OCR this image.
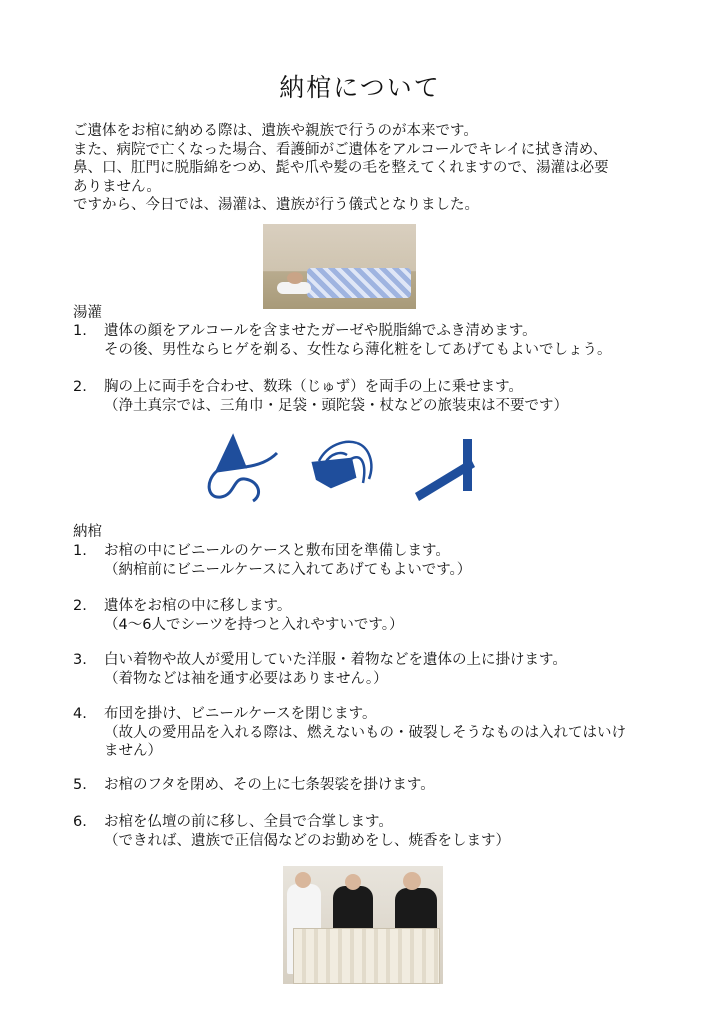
納棺について
ご遺体をお棺に納める際は、遺族や親族で行うのが本来です。
また、病院で亡くなった場合、看護師がご遺体をアルコールでキレイに拭き清め、
鼻、口、肛門に脱脂綿をつめ、髭や爪や髪の毛を整えてくれますので、湯灌は必要
ありません。
ですから、今日では、湯灌は、遺族が行う儀式となりました。
湯灌
1.	遺体の顔をアルコールを含ませたガーゼや脱脂綿でふき清めます。
その後、男性ならヒゲを剃る、女性なら薄化粧をしてあげてもよいでしょう。
2.	胸の上に両手を合わせ、数珠（じゅず）を両手の上に乗せます。
（浄土真宗では、三角巾・足袋・頭陀袋・杖などの旅装束は不要です）
納棺
1.	お棺の中にビニールのケースと敷布団を準備します。
（納棺前にビニールケースに入れてあげてもよいです。）
2.	遺体をお棺の中に移します。
（4～6人でシーツを持つと入れやすいです。）
3.	白い着物や故人が愛用していた洋服・着物などを遺体の上に掛けます。
（着物などは袖を通す必要はありません。）
4.	布団を掛け、ビニールケースを閉じます。
（故人の愛用品を入れる際は、燃えないもの・破裂しそうなものは入れてはいけ
ません）
5.	お棺のフタを閉め、その上に七条袈裟を掛けます。
6.	お棺を仏壇の前に移し、全員で合掌します。
（できれば、遺族で正信偈などのお勤めをし、焼香をします）
